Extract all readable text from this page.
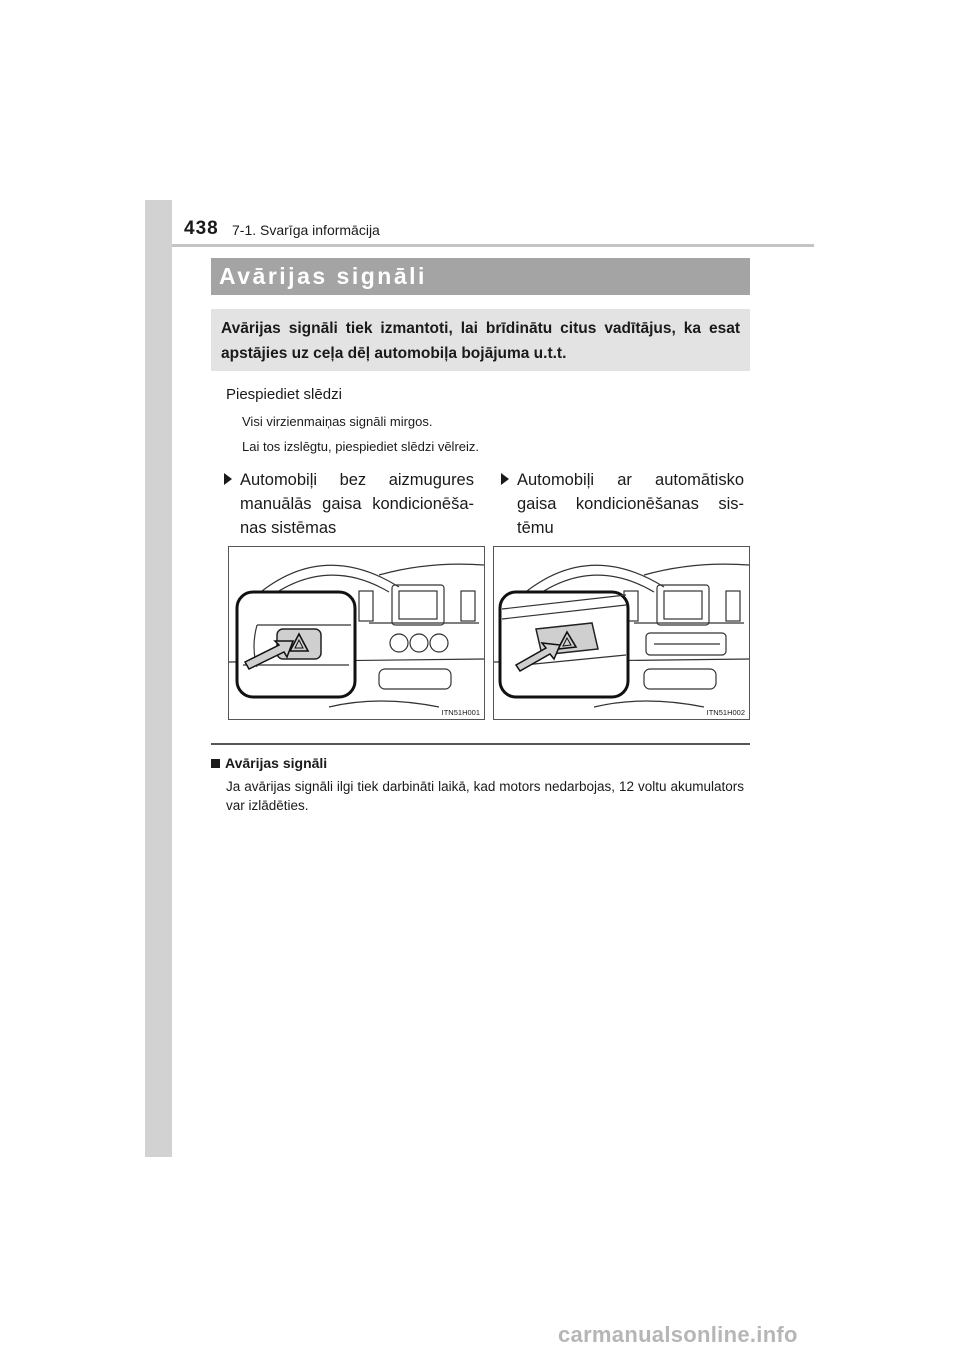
438 7-1. Svarīga informācija
Avārijas signāli
Avārijas signāli tiek izmantoti, lai brīdinātu citus vadītājus, ka esat apstājies uz ceļa dēļ automobiļa bojājuma u.t.t.
Piespiediet slēdzi
Visi virzienmaiņas signāli mirgos.
Lai tos izslēgtu, piespiediet slēdzi vēlreiz.
Automobiļi bez aizmugures manuālās gaisa kondicionēša- nas sistēmas
Automobiļi ar automātisko gaisa kondicionēšanas sis- tēmu
ITN51H001	ITN51H002
Avārijas signāli
Ja avārijas signāli ilgi tiek darbināti laikā, kad motors nedarbojas, 12 voltu akumulators var izlādēties.
carmanualsonline.info
